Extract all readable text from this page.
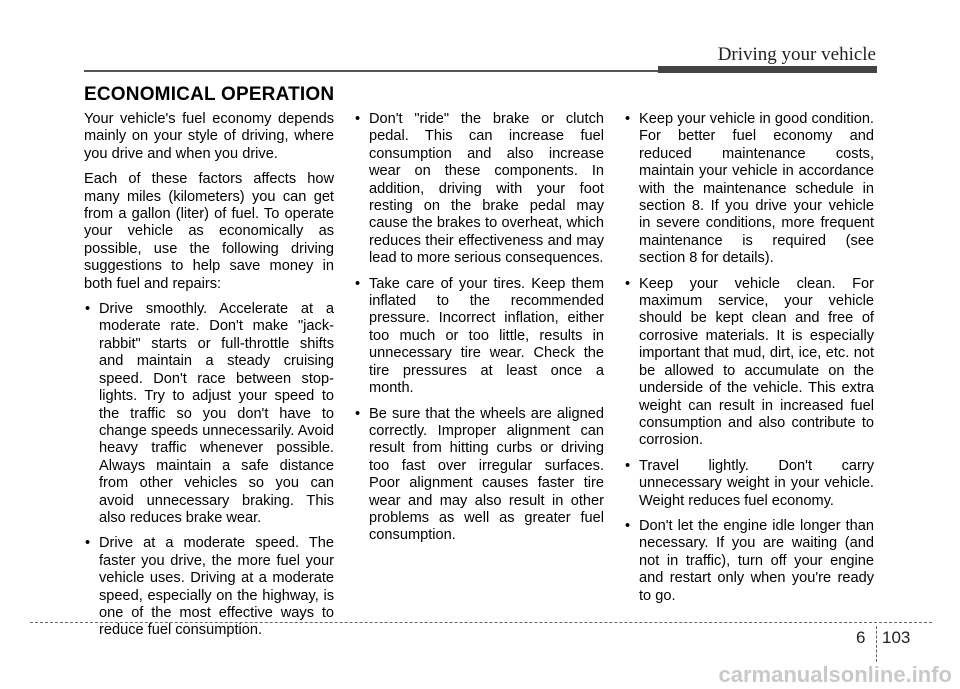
Driving your vehicle
ECONOMICAL OPERATION

Your vehicle's fuel economy depends mainly on your style of driving, where you drive and when you drive.

Each of these factors affects how many miles (kilometers) you can get from a gallon (liter) of fuel. To operate your vehicle as economically as possible, use the following driving suggestions to help save money in both fuel and repairs:

• Drive smoothly. Accelerate at a moderate rate. Don't make "jack-rabbit" starts or full-throttle shifts and maintain a steady cruising speed. Don't race between stop-lights. Try to adjust your speed to the traffic so you don't have to change speeds unnecessarily. Avoid heavy traffic whenever possible. Always maintain a safe distance from other vehicles so you can avoid unnecessary braking. This also reduces brake wear.
• Drive at a moderate speed. The faster you drive, the more fuel your vehicle uses. Driving at a moderate speed, especially on the highway, is one of the most effective ways to reduce fuel consumption.
• Don't "ride" the brake or clutch pedal. This can increase fuel consumption and also increase wear on these components. In addition, driving with your foot resting on the brake pedal may cause the brakes to overheat, which reduces their effectiveness and may lead to more serious consequences.
• Take care of your tires. Keep them inflated to the recommended pressure. Incorrect inflation, either too much or too little, results in unnecessary tire wear. Check the tire pressures at least once a month.
• Be sure that the wheels are aligned correctly. Improper alignment can result from hitting curbs or driving too fast over irregular surfaces. Poor alignment causes faster tire wear and may also result in other problems as well as greater fuel consumption.
• Keep your vehicle in good condition. For better fuel economy and reduced maintenance costs, maintain your vehicle in accordance with the maintenance schedule in section 8. If you drive your vehicle in severe conditions, more frequent maintenance is required (see section 8 for details).
• Keep your vehicle clean. For maximum service, your vehicle should be kept clean and free of corrosive materials. It is especially important that mud, dirt, ice, etc. not be allowed to accumulate on the underside of the vehicle. This extra weight can result in increased fuel consumption and also contribute to corrosion.
• Travel lightly. Don't carry unnecessary weight in your vehicle. Weight reduces fuel economy.
• Don't let the engine idle longer than necessary. If you are waiting (and not in traffic), turn off your engine and restart only when you're ready to go.
6 103
carmanualsonline.info
